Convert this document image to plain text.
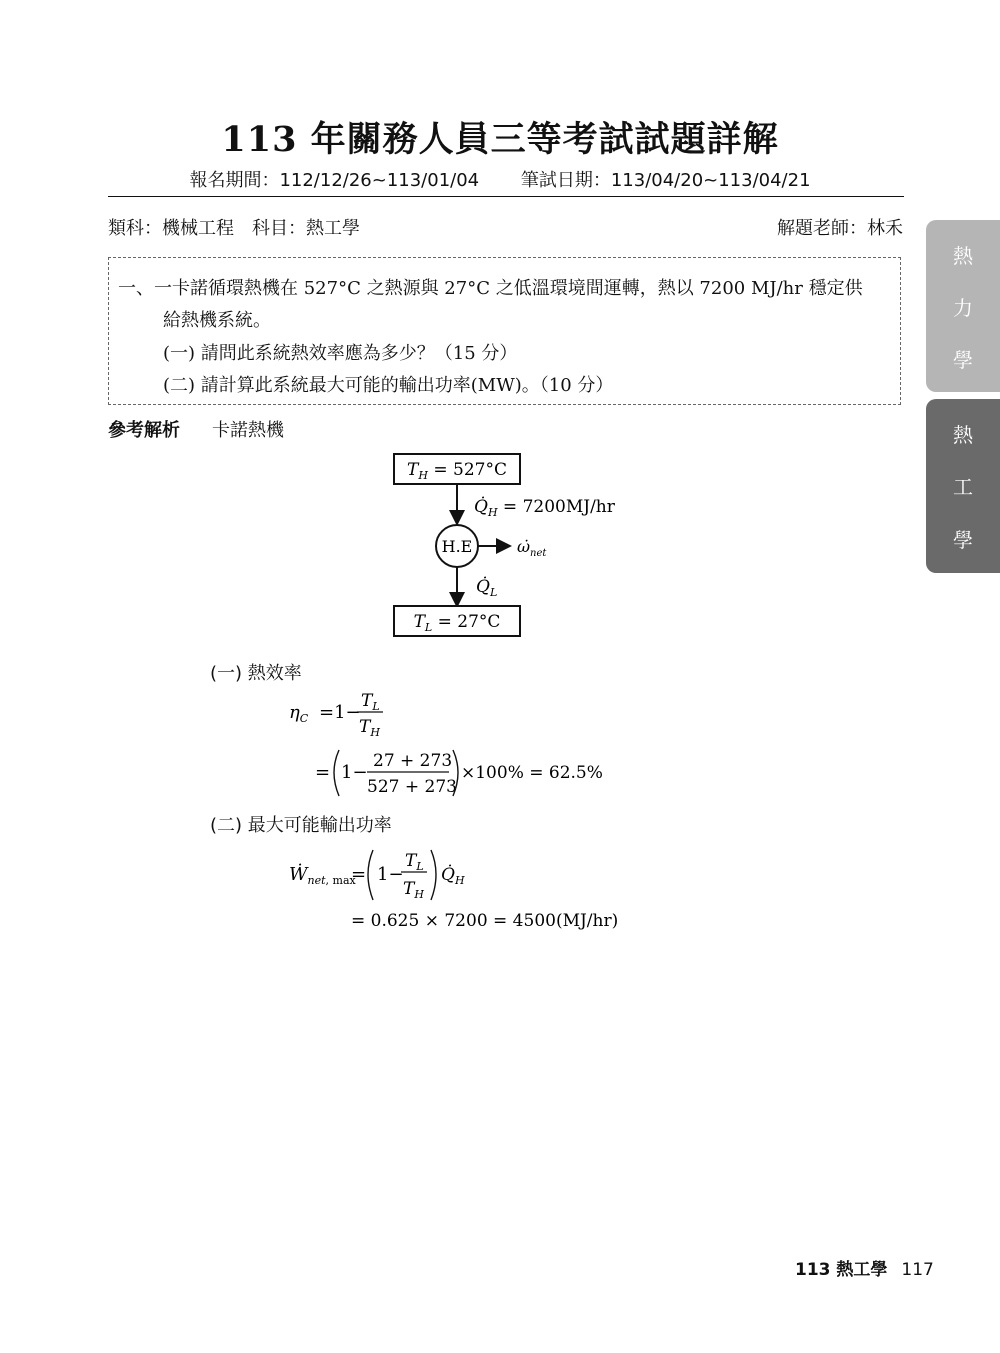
113 年關務人員三等考試試題詳解
報名期間：112/12/26~113/01/04 筆試日期：113/04/20~113/04/21
類科：機械工程　科目：熱工學	解題老師：林禾
一、一卡諾循環熱機在 527°C 之熱源與 27°C 之低溫環境間運轉，熱以 7200 MJ/hr 穩定供
給熱機系統。
(一) 請問此系統熱效率應為多少？（15 分）
(二) 請計算此系統最大可能的輸出功率(MW)。（10 分）
參考解析 卡諾熱機
$T_H = 527^\circ C$
$Q̇_H = 7200MJ/hr$
H.E	$\omegȧ_{net}$
$Q̇_L$
$T_L = 27^\circ C$
(一) 熱效率
$\eta_C =1-$
$T_L$
$T_H$
= 1−
27 + 273
527 + 273
×100% = 62.5%
(二) 最大可能輸出功率
Ẇ$_{net}$, max
= 1−
$T_L$
$T_H$
$Q̇_H$
= 0.625 × 7200 = 4500(MJ/hr)
熱
力
學
熱
工
學
113 熱工學 117
